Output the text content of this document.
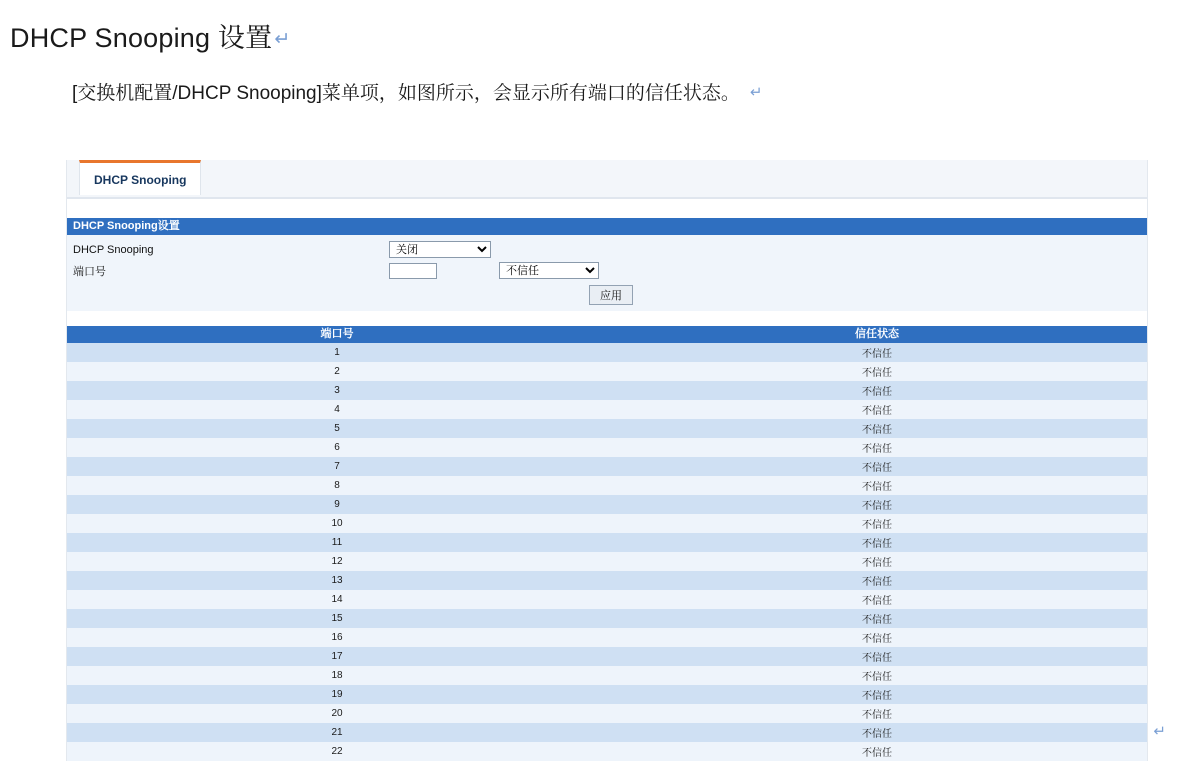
DHCP Snooping 设置 ↵

[交换机配置/DHCP Snooping]菜单项，如图所示，会显示所有端口的信任状态。 ↵

DHCP Snooping
DHCP Snooping设置
DHCP Snooping
关闭
端口号
不信任
应用
端口号	信任状态
1	不信任
2	不信任
3	不信任
4	不信任
5	不信任
6	不信任
7	不信任
8	不信任
9	不信任
10	不信任
11	不信任
12	不信任
13	不信任
14	不信任
15	不信任
16	不信任
17	不信任
18	不信任
19	不信任
20	不信任
21	不信任
22	不信任
↵
